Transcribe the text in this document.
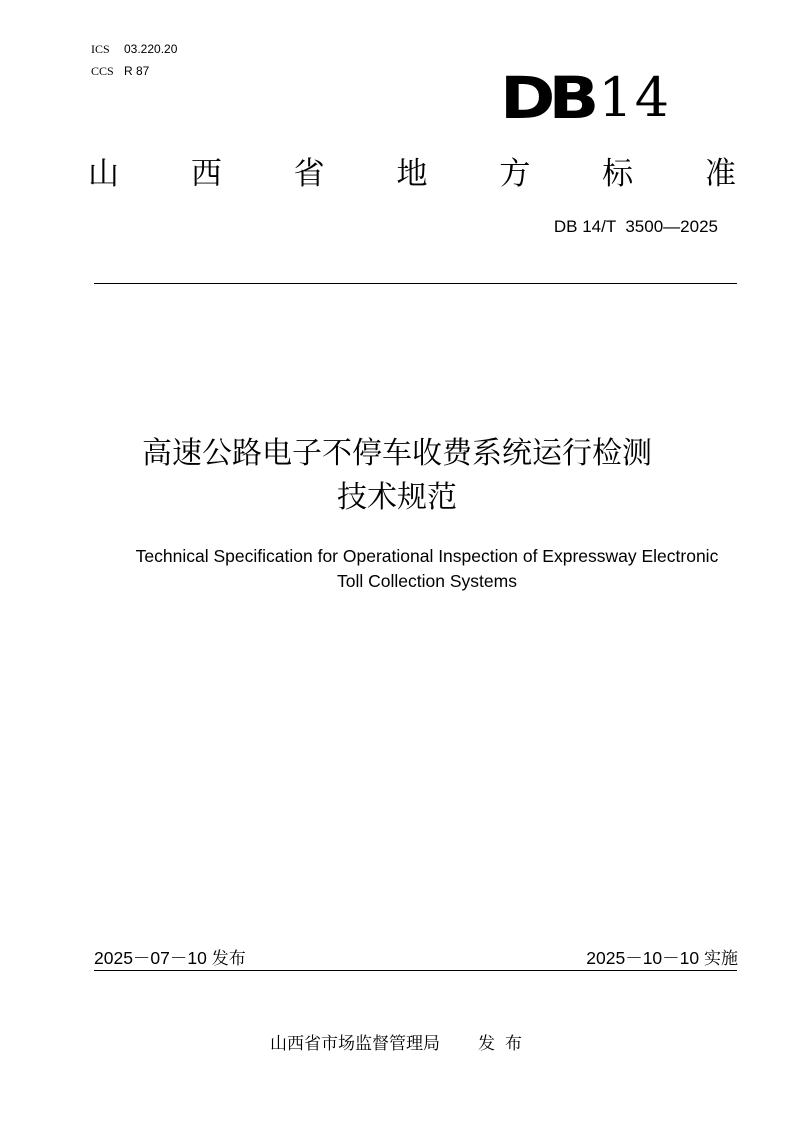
ICS	03.220.20
CCS R 87	DB 14
山 西 省 地 方 标 准
DB 14/T  3500—2025
高速公路电子不停车收费系统运行检测
技术规范
Technical Specification for Operational Inspection of Expressway Electronic
Toll Collection Systems
2025－07－10 发布	2025－10－10 实施
山西省市场监督管理局 发布
